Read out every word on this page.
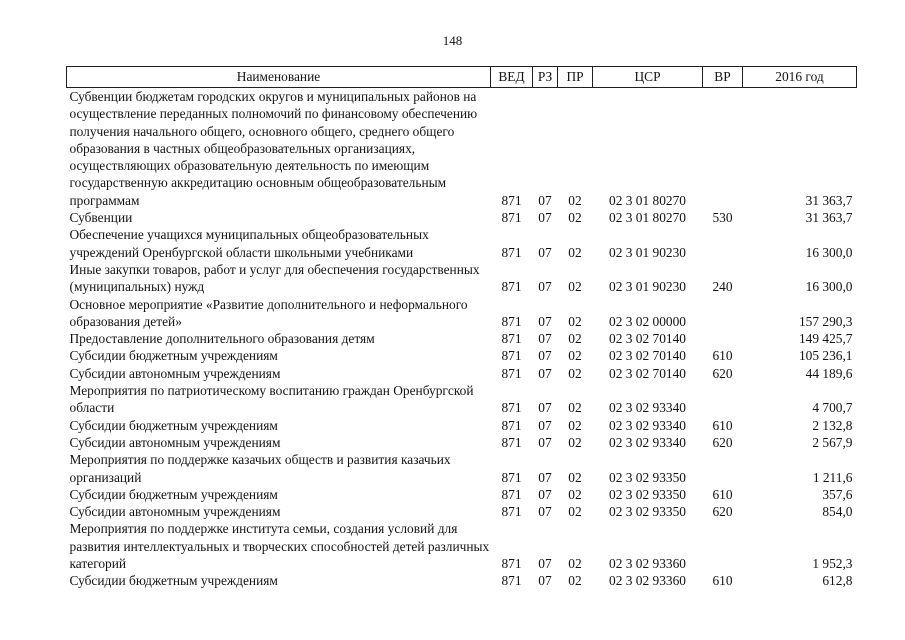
148
Наименование	ВЕД	РЗ	ПР	ЦСР	ВР	2016 год
Субвенции бюджетам городских округов и муниципальных районов на осуществление переданных полномочий по финансовому обеспечению получения начального общего, основного общего, среднего общего образования в частных общеобразовательных организациях, осуществляющих образовательную деятельность по имеющим государственную аккредитацию основным общеобразовательным программам	871	07	02	02 3 01 80270		31 363,7
Субвенции	871	07	02	02 3 01 80270	530	31 363,7
Обеспечение учащихся муниципальных общеобразовательных учреждений Оренбургской области школьными учебниками	871	07	02	02 3 01 90230		16 300,0
Иные закупки товаров, работ и услуг для обеспечения государственных (муниципальных) нужд	871	07	02	02 3 01 90230	240	16 300,0
Основное мероприятие «Развитие дополнительного и неформального образования детей»	871	07	02	02 3 02 00000		157 290,3
Предоставление дополнительного образования детям	871	07	02	02 3 02 70140		149 425,7
Субсидии бюджетным учреждениям	871	07	02	02 3 02 70140	610	105 236,1
Субсидии автономным учреждениям	871	07	02	02 3 02 70140	620	44 189,6
Мероприятия по патриотическому воспитанию граждан Оренбургской области	871	07	02	02 3 02 93340		4 700,7
Субсидии бюджетным учреждениям	871	07	02	02 3 02 93340	610	2 132,8
Субсидии автономным учреждениям	871	07	02	02 3 02 93340	620	2 567,9
Мероприятия по поддержке казачьих обществ и развития казачьих организаций	871	07	02	02 3 02 93350		1 211,6
Субсидии бюджетным учреждениям	871	07	02	02 3 02 93350	610	357,6
Субсидии автономным учреждениям	871	07	02	02 3 02 93350	620	854,0
Мероприятия по поддержке института семьи, создания условий для развития интеллектуальных и творческих способностей детей различных категорий	871	07	02	02 3 02 93360		1 952,3
Субсидии бюджетным учреждениям	871	07	02	02 3 02 93360	610	612,8
